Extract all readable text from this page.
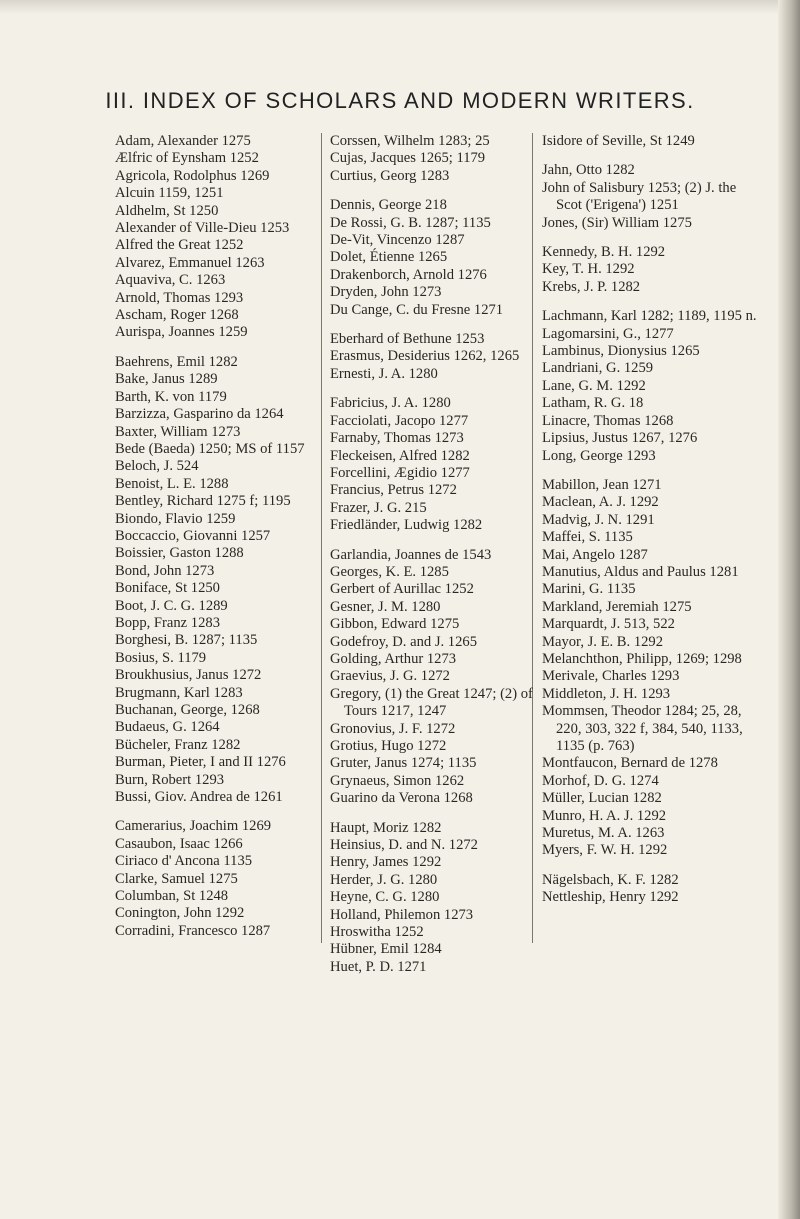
III. INDEX OF SCHOLARS AND MODERN WRITERS.

Adam, Alexander 1275

Ælfric of Eynsham 1252

Agricola, Rodolphus 1269

Alcuin 1159, 1251

Aldhelm, St 1250

Alexander of Ville-Dieu 1253

Alfred the Great 1252

Alvarez, Emmanuel 1263

Aquaviva, C. 1263

Arnold, Thomas 1293

Ascham, Roger 1268

Aurispa, Joannes 1259

Baehrens, Emil 1282

Bake, Janus 1289

Barth, K. von 1179

Barzizza, Gasparino da 1264

Baxter, William 1273

Bede (Baeda) 1250; MS of 1157

Beloch, J. 524

Benoist, L. E. 1288

Bentley, Richard 1275 f; 1195

Biondo, Flavio 1259

Boccaccio, Giovanni 1257

Boissier, Gaston 1288

Bond, John 1273

Boniface, St 1250

Boot, J. C. G. 1289

Bopp, Franz 1283

Borghesi, B. 1287; 1135

Bosius, S. 1179

Broukhusius, Janus 1272

Brugmann, Karl 1283

Buchanan, George, 1268

Budaeus, G. 1264

Bücheler, Franz 1282

Burman, Pieter, I and II 1276

Burn, Robert 1293

Bussi, Giov. Andrea de 1261

Camerarius, Joachim 1269

Casaubon, Isaac 1266

Ciriaco d' Ancona 1135

Clarke, Samuel 1275

Columban, St 1248

Conington, John 1292

Corradini, Francesco 1287

Corssen, Wilhelm 1283; 25

Cujas, Jacques 1265; 1179

Curtius, Georg 1283

Dennis, George 218

De Rossi, G. B. 1287; 1135

De-Vit, Vincenzo 1287

Dolet, Étienne 1265

Drakenborch, Arnold 1276

Dryden, John 1273

Du Cange, C. du Fresne 1271

Eberhard of Bethune 1253

Erasmus, Desiderius 1262, 1265

Ernesti, J. A. 1280

Fabricius, J. A. 1280

Facciolati, Jacopo 1277

Farnaby, Thomas 1273

Fleckeisen, Alfred 1282

Forcellini, Ægidio 1277

Francius, Petrus 1272

Frazer, J. G. 215

Friedländer, Ludwig 1282

Garlandia, Joannes de 1543

Georges, K. E. 1285

Gerbert of Aurillac 1252

Gesner, J. M. 1280

Gibbon, Edward 1275

Godefroy, D. and J. 1265

Golding, Arthur 1273

Graevius, J. G. 1272

Gregory, (1) the Great 1247; (2) of Tours 1217, 1247

Gronovius, J. F. 1272

Grotius, Hugo 1272

Gruter, Janus 1274; 1135

Grynaeus, Simon 1262

Guarino da Verona 1268

Haupt, Moriz 1282

Heinsius, D. and N. 1272

Henry, James 1292

Herder, J. G. 1280

Heyne, C. G. 1280

Holland, Philemon 1273

Hroswitha 1252

Hübner, Emil 1284

Huet, P. D. 1271

Isidore of Seville, St 1249

Jahn, Otto 1282

John of Salisbury 1253; (2) J. the Scot ('Erigena') 1251

Jones, (Sir) William 1275

Kennedy, B. H. 1292

Key, T. H. 1292

Krebs, J. P. 1282

Lachmann, Karl 1282; 1189, 1195 n.

Lagomarsini, G., 1277

Lambinus, Dionysius 1265

Landriani, G. 1259

Lane, G. M. 1292

Latham, R. G. 18

Linacre, Thomas 1268

Lipsius, Justus 1267, 1276

Long, George 1293

Mabillon, Jean 1271

Maclean, A. J. 1292

Madvig, J. N. 1291

Maffei, S. 1135

Mai, Angelo 1287

Manutius, Aldus and Paulus 1281

Marini, G. 1135

Markland, Jeremiah 1275

Marquardt, J. 513, 522

Mayor, J. E. B. 1292

Melanchthon, Philipp, 1269; 1298

Merivale, Charles 1293

Middleton, J. H. 1293

Mommsen, Theodor 1284; 25, 28, 220, 303, 322 f, 384, 540, 1133, 1135 (p. 763)

Montfaucon, Bernard de 1278

Morhof, D. G. 1274

Müller, Lucian 1282

Munro, H. A. J. 1292

Muretus, M. A. 1263

Myers, F. W. H. 1292

Nägelsbach, K. F. 1282

Nettleship, Henry 1292
